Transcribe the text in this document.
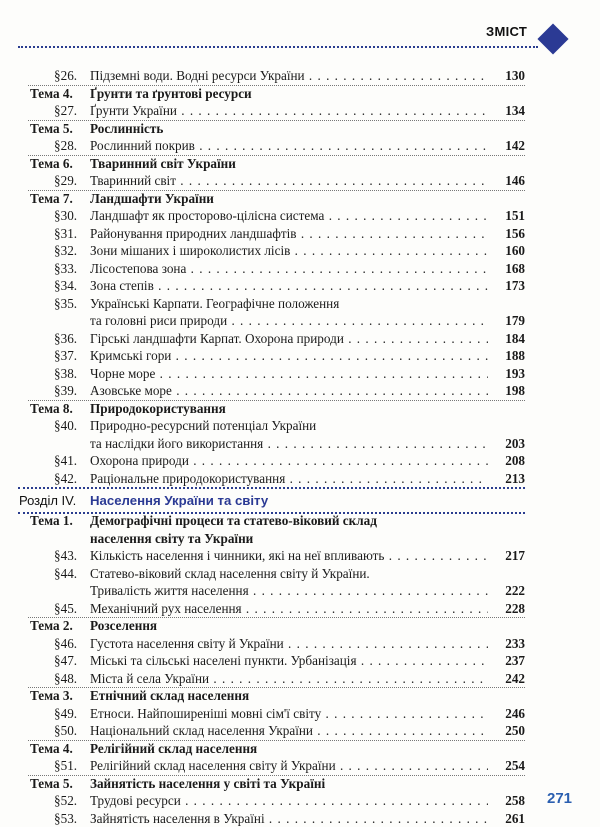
ЗМІСТ
§26. Підземні води. Водні ресурси України . . .	130
Тема 4.	Ґрунти та ґрунтові ресурси
§27. Ґрунти України . . .	134
Тема 5.	Рослинність
§28. Рослинний покрив . . .	142
Тема 6.	Тваринний світ України
§29. Тваринний світ . . .	146
Тема 7.	Ландшафти України
§30. Ландшафт як просторово-цілісна система . . .	151
§31. Районування природних ландшафтів . . .	156
§32. Зони мішаних і широколистих лісів . . .	160
§33. Лісостепова зона . . .	168
§34. Зона степів . . .	173
§35. Українські Карпати. Географічне положення
та головні риси природи . . .	179
§36. Гірські ландшафти Карпат. Охорона природи . . .	184
§37. Кримські гори . . .	188
§38. Чорне море . . .	193
§39. Азовське море . . .	198
Тема 8.	Природокористування
§40. Природно-ресурсний потенціал України
та наслідки його використання . . .	203
§41. Охорона природи . . .	208
§42. Раціональне природокористування . . .	213
Розділ IV. Населення України та світу
Тема 1.	Демографічні процеси та статево-віковий склад
населення світу та України
§43. Кількість населення і чинники, які на неї впливають . . .	217
§44. Статево-віковий склад населення світу й України.
Тривалість життя населення . . .	222
§45. Механічний рух населення . . .	228
Тема 2.	Розселення
§46. Густота населення світу й України . . .	233
§47. Міські та сільські населені пункти. Урбанізація . . .	237
§48. Міста й села України . . .	242
Тема 3.	Етнічний склад населення
§49. Етноси. Найпоширеніші мовні сім'ї світу . . .	246
§50. Національний склад населення України . . .	250
Тема 4.	Релігійний склад населення
§51. Релігійний склад населення світу й України . . .	254
Тема 5.	Зайнятість населення у світі та Україні
§52. Трудові ресурси . . .	258
§53. Зайнятість населення в Україні . . .	261
271
